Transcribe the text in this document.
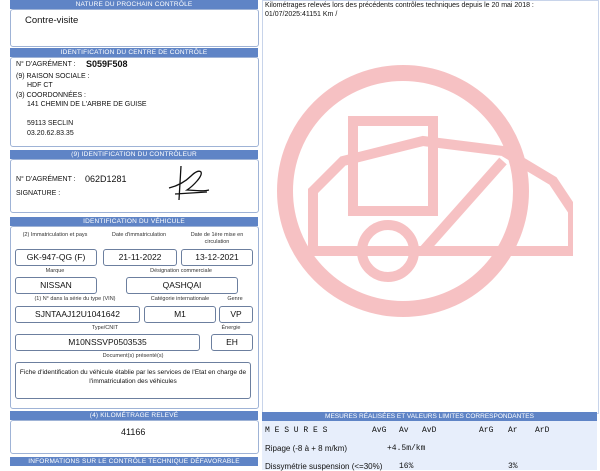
NATURE DU PROCHAIN CONTRÔLE
Contre-visite
IDENTIFICATION DU CENTRE DE CONTRÔLE
N° D'AGRÉMENT : S059F508
(9) RAISON SOCIALE :
HDF CT
(3) COORDONNÉES :
141 CHEMIN DE L'ARBRE DE GUISE
59113 SECLIN
03.20.62.83.35
(9) IDENTIFICATION DU CONTRÔLEUR
N° D'AGRÉMENT : 062D1281
SIGNATURE :
IDENTIFICATION DU VÉHICULE
(2) Immatriculation et pays	Date d'immatriculation	Date de 1ère mise en circulation
GK-947-QG (F)	21-11-2022	13-12-2021
Marque	Désignation commerciale
NISSAN	QASHQAI
(1) N° dans la série du type (VIN)	Catégorie internationale	Genre
SJNTAAJ12U1041642	M1	VP
Type/CNIT	Énergie
M10NSSVP0503535	EH
Document(s) présenté(s)
Fiche d'identification du véhicule établie par les services de l'Etat en charge de l'immatriculation des véhicules
(4) KILOMÉTRAGE RELEVÉ
41166
INFORMATIONS SUR LE CONTRÔLE TECHNIQUE DÉFAVORABLE
Kilométrages relevés lors des précédents contrôles techniques depuis le 20 mai 2018 : 01/07/2025:41151 Km /
MESURES RÉALISÉES ET VALEURS LIMITES CORRESPONDANTES
M E S U R E S	AvG Av AvD	ArG Ar ArD
Ripage (-8 à + 8 m/km)	+4.5m/km
Dissymétrie suspension (<=30%) 16%	3%
